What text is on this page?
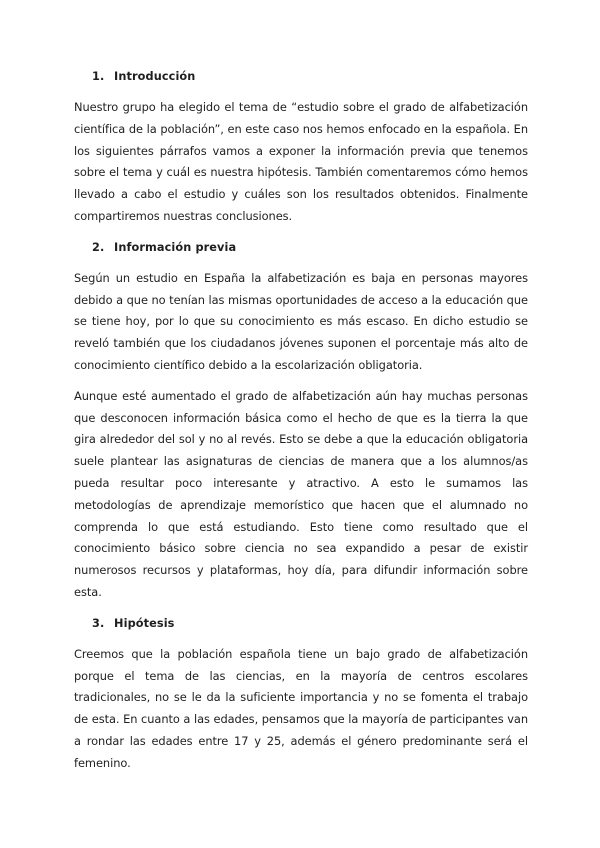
1. Introducción

Nuestro grupo ha elegido el tema de “estudio sobre el grado de alfabetización científica de la población”, en este caso nos hemos enfocado en la española. En los siguientes párrafos vamos a exponer la información previa que tenemos sobre el tema y cuál es nuestra hipótesis. También comentaremos cómo hemos llevado a cabo el estudio y cuáles son los resultados obtenidos. Finalmente compartiremos nuestras conclusiones.

2. Información previa

Según un estudio en España la alfabetización es baja en personas mayores debido a que no tenían las mismas oportunidades de acceso a la educación que se tiene hoy, por lo que su conocimiento es más escaso. En dicho estudio se reveló también que los ciudadanos jóvenes suponen el porcentaje más alto de conocimiento científico debido a la escolarización obligatoria.

Aunque esté aumentado el grado de alfabetización aún hay muchas personas que desconocen información básica como el hecho de que es la tierra la que gira alrededor del sol y no al revés. Esto se debe a que la educación obligatoria suele plantear las asignaturas de ciencias de manera que a los alumnos/as pueda resultar poco interesante y atractivo. A esto le sumamos las metodologías de aprendizaje memorístico que hacen que el alumnado no comprenda lo que está estudiando. Esto tiene como resultado que el conocimiento básico sobre ciencia no sea expandido a pesar de existir numerosos recursos y plataformas, hoy día, para difundir información sobre esta.

3. Hipótesis

Creemos que la población española tiene un bajo grado de alfabetización porque el tema de las ciencias, en la mayoría de centros escolares tradicionales, no se le da la suficiente importancia y no se fomenta el trabajo de esta. En cuanto a las edades, pensamos que la mayoría de participantes van a rondar las edades entre 17 y 25, además el género predominante será el femenino.
